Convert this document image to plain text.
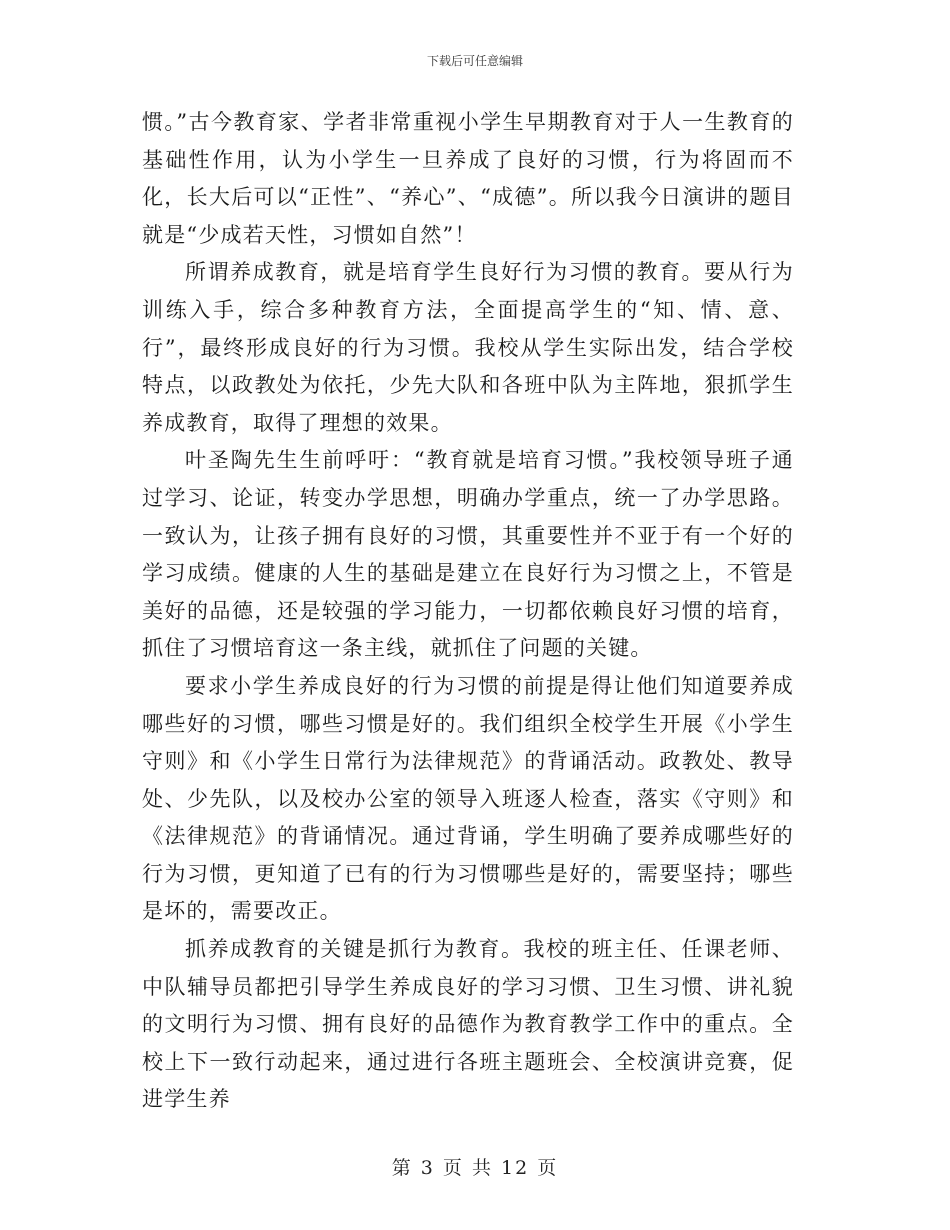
下载后可任意编辑

惯。”古今教育家、学者非常重视小学生早期教育对于人一生教育的基础性作用，认为小学生一旦养成了良好的习惯，行为将固而不化，长大后可以“正性”、“养心”、“成德”。所以我今日演讲的题目就是“少成若天性，习惯如自然”！

所谓养成教育，就是培育学生良好行为习惯的教育。要从行为训练入手，综合多种教育方法，全面提高学生的“知、情、意、行”，最终形成良好的行为习惯。我校从学生实际出发，结合学校特点，以政教处为依托，少先大队和各班中队为主阵地，狠抓学生养成教育，取得了理想的效果。

叶圣陶先生生前呼吁：“教育就是培育习惯。”我校领导班子通过学习、论证，转变办学思想，明确办学重点，统一了办学思路。一致认为，让孩子拥有良好的习惯，其重要性并不亚于有一个好的学习成绩。健康的人生的基础是建立在良好行为习惯之上，不管是美好的品德，还是较强的学习能力，一切都依赖良好习惯的培育，抓住了习惯培育这一条主线，就抓住了问题的关键。

要求小学生养成良好的行为习惯的前提是得让他们知道要养成哪些好的习惯，哪些习惯是好的。我们组织全校学生开展《小学生守则》和《小学生日常行为法律规范》的背诵活动。政教处、教导处、少先队，以及校办公室的领导入班逐人检查，落实《守则》和《法律规范》的背诵情况。通过背诵，学生明确了要养成哪些好的行为习惯，更知道了已有的行为习惯哪些是好的，需要坚持；哪些是坏的，需要改正。

抓养成教育的关键是抓行为教育。我校的班主任、任课老师、中队辅导员都把引导学生养成良好的学习习惯、卫生习惯、讲礼貌的文明行为习惯、拥有良好的品德作为教育教学工作中的重点。全校上下一致行动起来，通过进行各班主题班会、全校演讲竞赛，促进学生养

第 3 页 共 12 页
